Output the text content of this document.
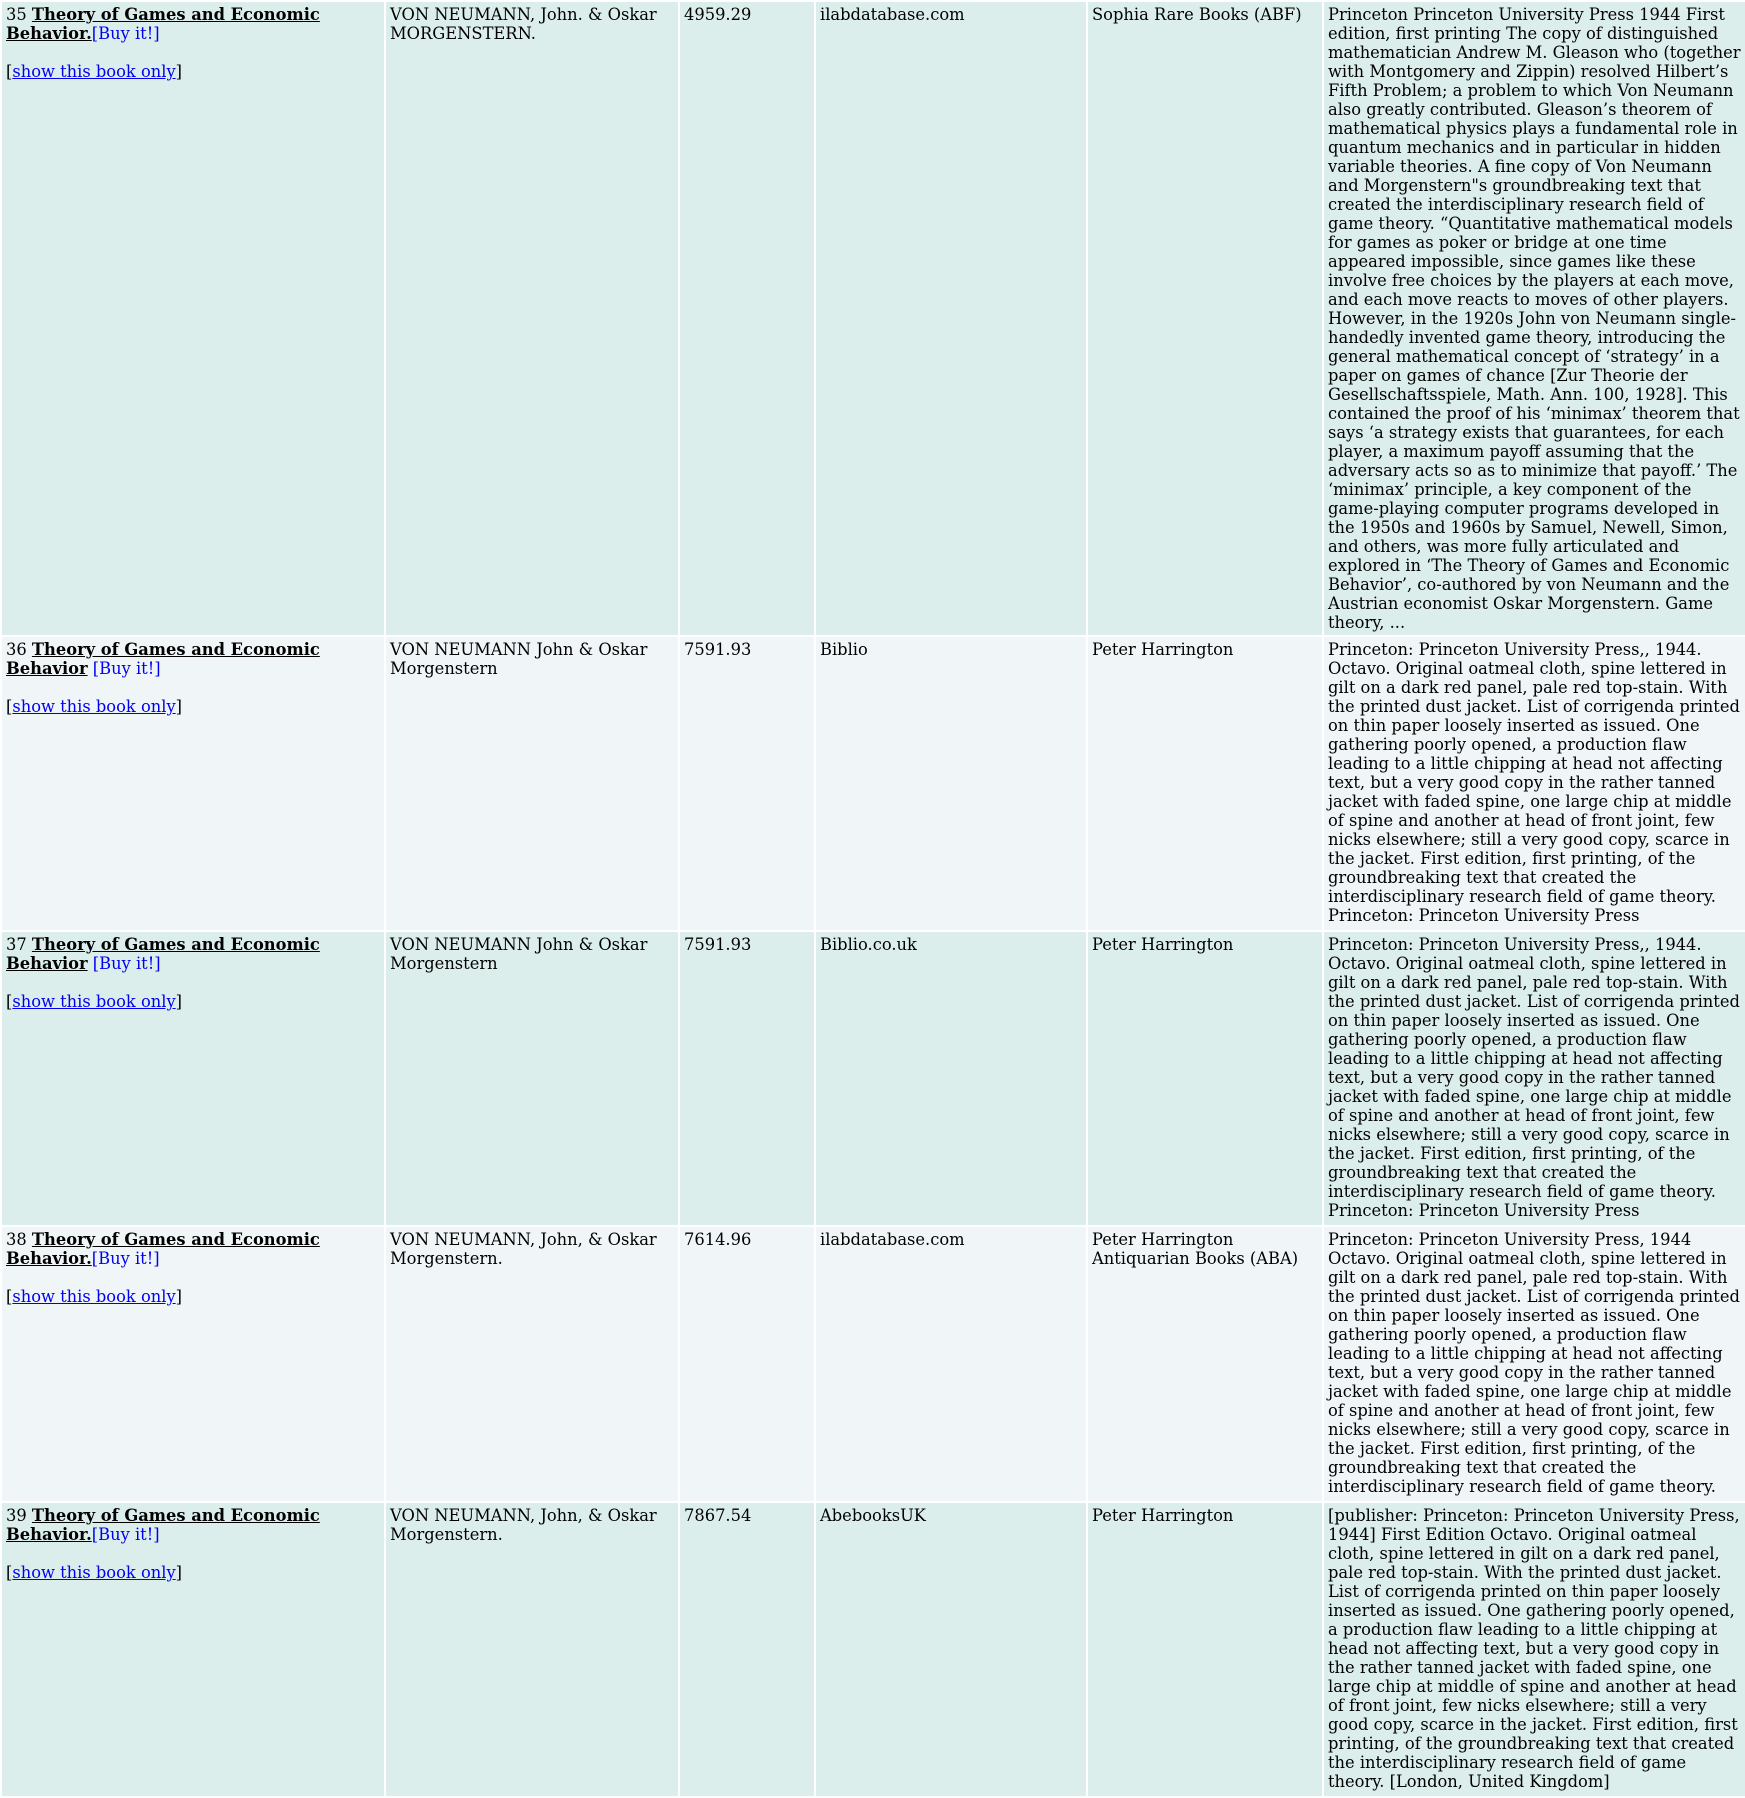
35 Theory of Games and Economic Behavior.[Buy it!]
[show this book only]	VON NEUMANN, John. & Oskar MORGENSTERN.	4959.29	ilabdatabase.com	Sophia Rare Books (ABF)	Princeton Princeton University Press 1944 First edition, first printing The copy of distinguished mathematician Andrew M. Gleason who (together with Montgomery and Zippin) resolved Hilbert’s Fifth Problem; a problem to which Von Neumann also greatly contributed. Gleason’s theorem of mathematical physics plays a fundamental role in quantum mechanics and in particular in hidden variable theories. A fine copy of Von Neumann and Morgenstern"s groundbreaking text that created the interdisciplinary research field of game theory. “Quantitative mathematical models for games as poker or bridge at one time appeared impossible, since games like these involve free choices by the players at each move, and each move reacts to moves of other players. However, in the 1920s John von Neumann single-handedly invented game theory, introducing the general mathematical concept of ‘strategy’ in a paper on games of chance [Zur Theorie der Gesellschaftsspiele, Math. Ann. 100, 1928]. This contained the proof of his ‘minimax’ theorem that says ‘a strategy exists that guarantees, for each player, a maximum payoff assuming that the adversary acts so as to minimize that payoff.’ The ‘minimax’ principle, a key component of the game-playing computer programs developed in the 1950s and 1960s by Samuel, Newell, Simon, and others, was more fully articulated and explored in ‘The Theory of Games and Economic Behavior’, co-authored by von Neumann and the Austrian economist Oskar Morgenstern. Game theory, ...
36 Theory of Games and Economic Behavior [Buy it!]
[show this book only]	VON NEUMANN John & Oskar Morgenstern	7591.93	Biblio	Peter Harrington	Princeton: Princeton University Press,, 1944. Octavo. Original oatmeal cloth, spine lettered in gilt on a dark red panel, pale red top-stain. With the printed dust jacket. List of corrigenda printed on thin paper loosely inserted as issued. One gathering poorly opened, a production flaw leading to a little chipping at head not affecting text, but a very good copy in the rather tanned jacket with faded spine, one large chip at middle of spine and another at head of front joint, few nicks elsewhere; still a very good copy, scarce in the jacket. First edition, first printing, of the groundbreaking text that created the interdisciplinary research field of game theory. Princeton: Princeton University Press
37 Theory of Games and Economic Behavior [Buy it!]
[show this book only]	VON NEUMANN John & Oskar Morgenstern	7591.93	Biblio.co.uk	Peter Harrington	Princeton: Princeton University Press,, 1944. Octavo. Original oatmeal cloth, spine lettered in gilt on a dark red panel, pale red top-stain. With the printed dust jacket. List of corrigenda printed on thin paper loosely inserted as issued. One gathering poorly opened, a production flaw leading to a little chipping at head not affecting text, but a very good copy in the rather tanned jacket with faded spine, one large chip at middle of spine and another at head of front joint, few nicks elsewhere; still a very good copy, scarce in the jacket. First edition, first printing, of the groundbreaking text that created the interdisciplinary research field of game theory. Princeton: Princeton University Press
38 Theory of Games and Economic Behavior.[Buy it!]
[show this book only]	VON NEUMANN, John, & Oskar Morgenstern.	7614.96	ilabdatabase.com	Peter Harrington Antiquarian Books (ABA)	Princeton: Princeton University Press, 1944 Octavo. Original oatmeal cloth, spine lettered in gilt on a dark red panel, pale red top-stain. With the printed dust jacket. List of corrigenda printed on thin paper loosely inserted as issued. One gathering poorly opened, a production flaw leading to a little chipping at head not affecting text, but a very good copy in the rather tanned jacket with faded spine, one large chip at middle of spine and another at head of front joint, few nicks elsewhere; still a very good copy, scarce in the jacket. First edition, first printing, of the groundbreaking text that created the interdisciplinary research field of game theory.
39 Theory of Games and Economic Behavior.[Buy it!]
[show this book only]	VON NEUMANN, John, & Oskar Morgenstern.	7867.54	AbebooksUK	Peter Harrington	[publisher: Princeton: Princeton University Press, 1944] First Edition Octavo. Original oatmeal cloth, spine lettered in gilt on a dark red panel, pale red top-stain. With the printed dust jacket. List of corrigenda printed on thin paper loosely inserted as issued. One gathering poorly opened, a production flaw leading to a little chipping at head not affecting text, but a very good copy in the rather tanned jacket with faded spine, one large chip at middle of spine and another at head of front joint, few nicks elsewhere; still a very good copy, scarce in the jacket. First edition, first printing, of the groundbreaking text that created the interdisciplinary research field of game theory. [London, United Kingdom]
